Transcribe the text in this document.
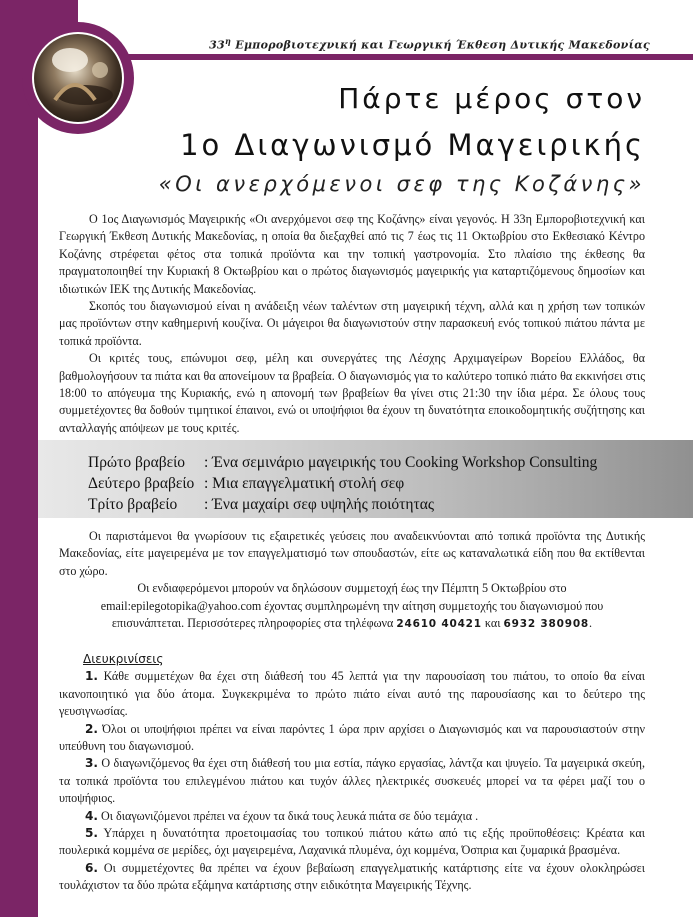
$33^\eta$ Εμποροβιοτεχνική και Γεωργική Έκθεση Δυτικής Μακεδονίας
Πάρτε μέρος στον
1ο Διαγωνισμό Μαγειρικής
«Οι ανερχόμενοι σεφ της Κοζάνης»

Ο 1ος Διαγωνισμός Μαγειρικής «Οι ανερχόμενοι σεφ της Κοζάνης» είναι γεγονός. Η 33η Εμποροβιοτεχνική και Γεωργική Έκθεση Δυτικής Μακεδονίας, η οποία θα διεξαχθεί από τις 7 έως τις 11 Οκτωβρίου στο Εκθεσιακό Κέντρο Κοζάνης στρέφεται φέτος στα τοπικά προϊόντα και την τοπική γαστρονομία. Στο πλαίσιο της έκθεσης θα πραγματοποιηθεί την Κυριακή 8 Οκτωβρίου και ο πρώτος διαγωνισμός μαγειρικής για καταρτιζόμενους δημοσίων και ιδιωτικών ΙΕΚ της Δυτικής Μακεδονίας.

Σκοπός του διαγωνισμού είναι η ανάδειξη νέων ταλέντων στη μαγειρική τέχνη, αλλά και η χρήση των τοπικών μας προϊόντων στην καθημερινή κουζίνα. Οι μάγειροι θα διαγωνιστούν στην παρασκευή ενός τοπικού πιάτου πάντα με τοπικά προϊόντα.

Οι κριτές τους, επώνυμοι σεφ, μέλη και συνεργάτες της Λέσχης Αρχιμαγείρων Βορείου Ελλάδος, θα βαθμολογήσουν τα πιάτα και θα απονείμουν τα βραβεία. Ο διαγωνισμός για το καλύτερο τοπικό πιάτο θα εκκινήσει στις 18:00 το απόγευμα της Κυριακής, ενώ η απονομή των βραβείων θα γίνει στις 21:30 την ίδια μέρα. Σε όλους τους συμμετέχοντες θα δοθούν τιμητικοί έπαινοι, ενώ οι υποψήφιοι θα έχουν τη δυνατότητα εποικοδομητικής συζήτησης και ανταλλαγής απόψεων με τους κριτές.

Πρώτο βραβείο	: Ένα σεμινάριο μαγειρικής του Cooking Workshop Consulting
Δεύτερο βραβείο : Μια επαγγελματική στολή σεφ
Τρίτο βραβείο	: Ένα μαχαίρι σεφ υψηλής ποιότητας

Οι παριστάμενοι θα γνωρίσουν τις εξαιρετικές γεύσεις που αναδεικνύονται από τοπικά προϊόντα της Δυτικής Μακεδονίας, είτε μαγειρεμένα με τον επαγγελματισμό των σπουδαστών, είτε ως καταναλωτικά είδη που θα εκτίθενται στο χώρο.

Οι ενδιαφερόμενοι μπορούν να δηλώσουν συμμετοχή έως την Πέμπτη 5 Οκτωβρίου στο

email:epilegotopika@yahoo.com έχοντας συμπληρωμένη την αίτηση συμμετοχής του διαγωνισμού που

επισυνάπτεται. Περισσότερες πληροφορίες στα τηλέφωνα 24610 40421 και 6932 380908.

Διευκρινίσεις

1. Κάθε συμμετέχων θα έχει στη διάθεσή του 45 λεπτά για την παρουσίαση του πιάτου, το οποίο θα είναι ικανοποιητικό για δύο άτομα. Συγκεκριμένα το πρώτο πιάτο είναι αυτό της παρουσίασης και το δεύτερο της γευσιγνωσίας.

2. Όλοι οι υποψήφιοι πρέπει να είναι παρόντες 1 ώρα πριν αρχίσει ο Διαγωνισμός και να παρουσιαστούν στην υπεύθυνη του διαγωνισμού.

3. Ο διαγωνιζόμενος θα έχει στη διάθεσή του μια εστία, πάγκο εργασίας, λάντζα και ψυγείο. Τα μαγειρικά σκεύη, τα τοπικά προϊόντα του επιλεγμένου πιάτου και τυχόν άλλες ηλεκτρικές συσκευές μπορεί να τα φέρει μαζί του ο υποψήφιος.

4. Οι διαγωνιζόμενοι πρέπει να έχουν τα δικά τους λευκά πιάτα σε δύο τεμάχια .

5. Υπάρχει η δυνατότητα προετοιμασίας του τοπικού πιάτου κάτω από τις εξής προϋποθέσεις: Κρέατα και πουλερικά κομμένα σε μερίδες, όχι μαγειρεμένα, Λαχανικά πλυμένα, όχι κομμένα, Όσπρια και ζυμαρικά βρασμένα.

6. Οι συμμετέχοντες θα πρέπει να έχουν βεβαίωση επαγγελματικής κατάρτισης είτε να έχουν ολοκληρώσει τουλάχιστον τα δύο πρώτα εξάμηνα κατάρτισης στην ειδικότητα Μαγειρικής Τέχνης.
